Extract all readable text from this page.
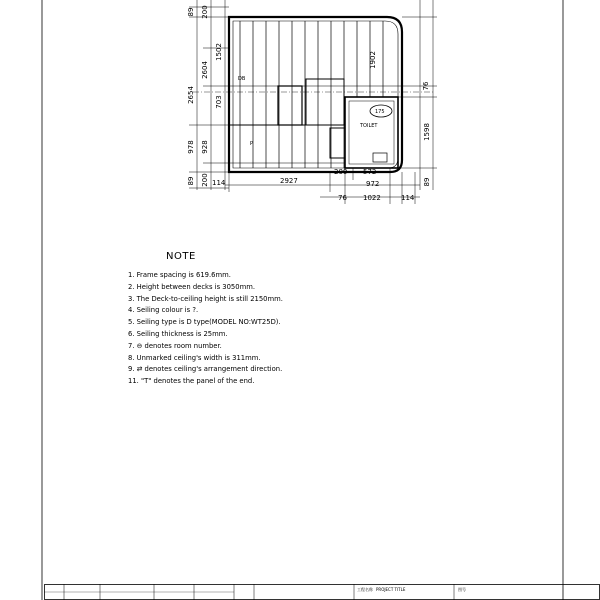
175
TOILET
DB
P
89 200
2654
2604
1502
703
978 928
200
89 114	2927
200
972
572
76 1022	114
89
1902
76
1598
NOTE
1. Frame spacing is 619.6mm.
2. Height between decks is 3050mm.
3. The Deck-to-ceiling height is still 2150mm.
4. Seiling colour is ?.
5. Seiling type is D type(MODEL NO:WT25D).
6. Seiling thickness is 25mm.
7. ⊖ denotes room number.
8. Unmarked ceiling's width is 311mm.
9. ⇄ denotes ceiling's arrangement direction.
11. "T" denotes the panel of the end.
工程名称 PROJECT TITLE	图号
